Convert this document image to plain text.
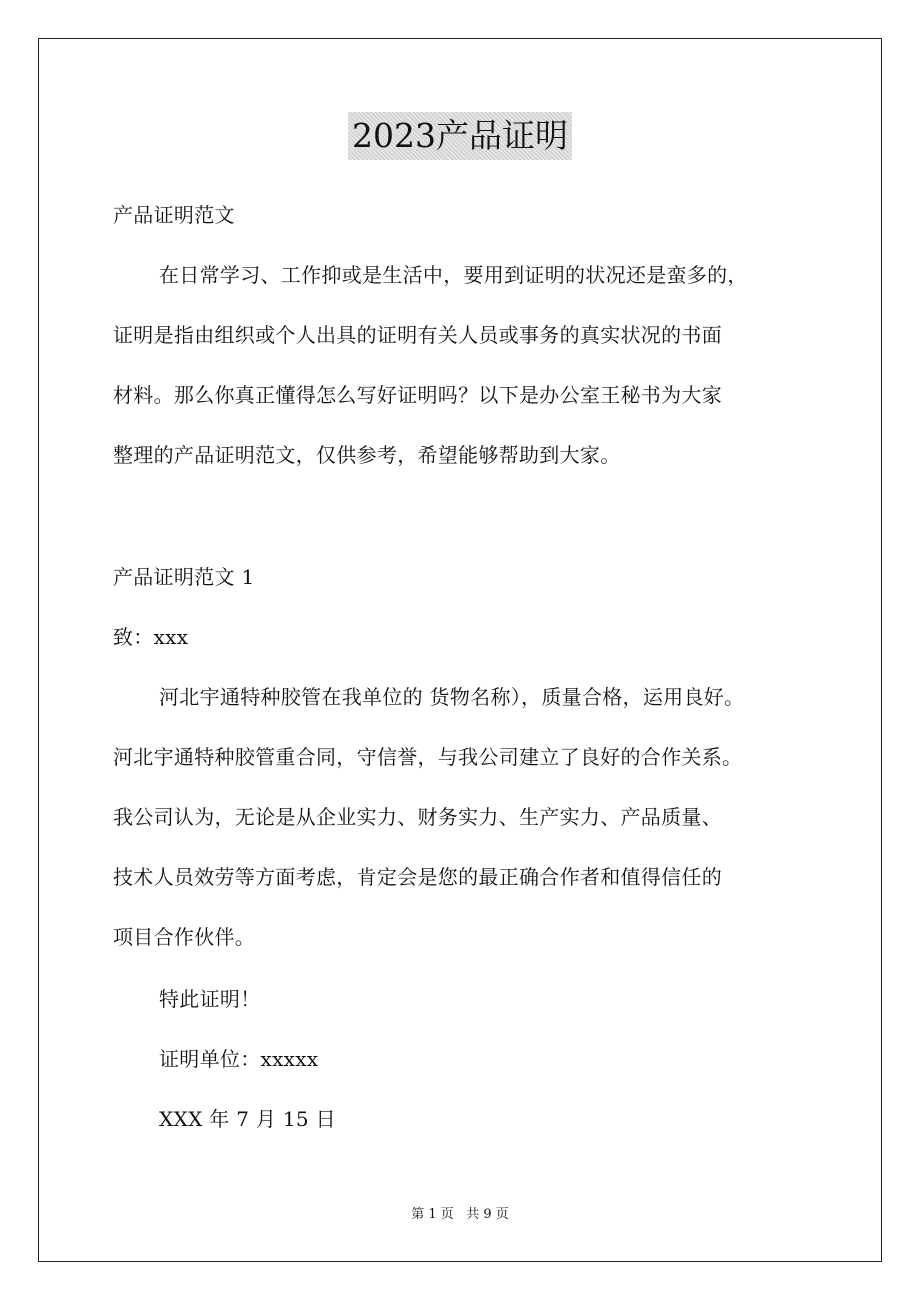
2023产品证明
产品证明范文
在日常学习、工作抑或是生活中，要用到证明的状况还是蛮多的，
证明是指由组织或个人出具的证明有关人员或事务的真实状况的书面
材料。那么你真正懂得怎么写好证明吗？以下是办公室王秘书为大家
整理的产品证明范文，仅供参考，希望能够帮助到大家。
产品证明范文 1
致：xxx
河北宇通特种胶管在我单位的 货物名称），质量合格，运用良好。
河北宇通特种胶管重合同，守信誉，与我公司建立了良好的合作关系。
我公司认为，无论是从企业实力、财务实力、生产实力、产品质量、
技术人员效劳等方面考虑，肯定会是您的最正确合作者和值得信任的
项目合作伙伴。
特此证明！
证明单位：xxxxx
XXX 年 7 月 15 日
第 1 页   共 9 页
